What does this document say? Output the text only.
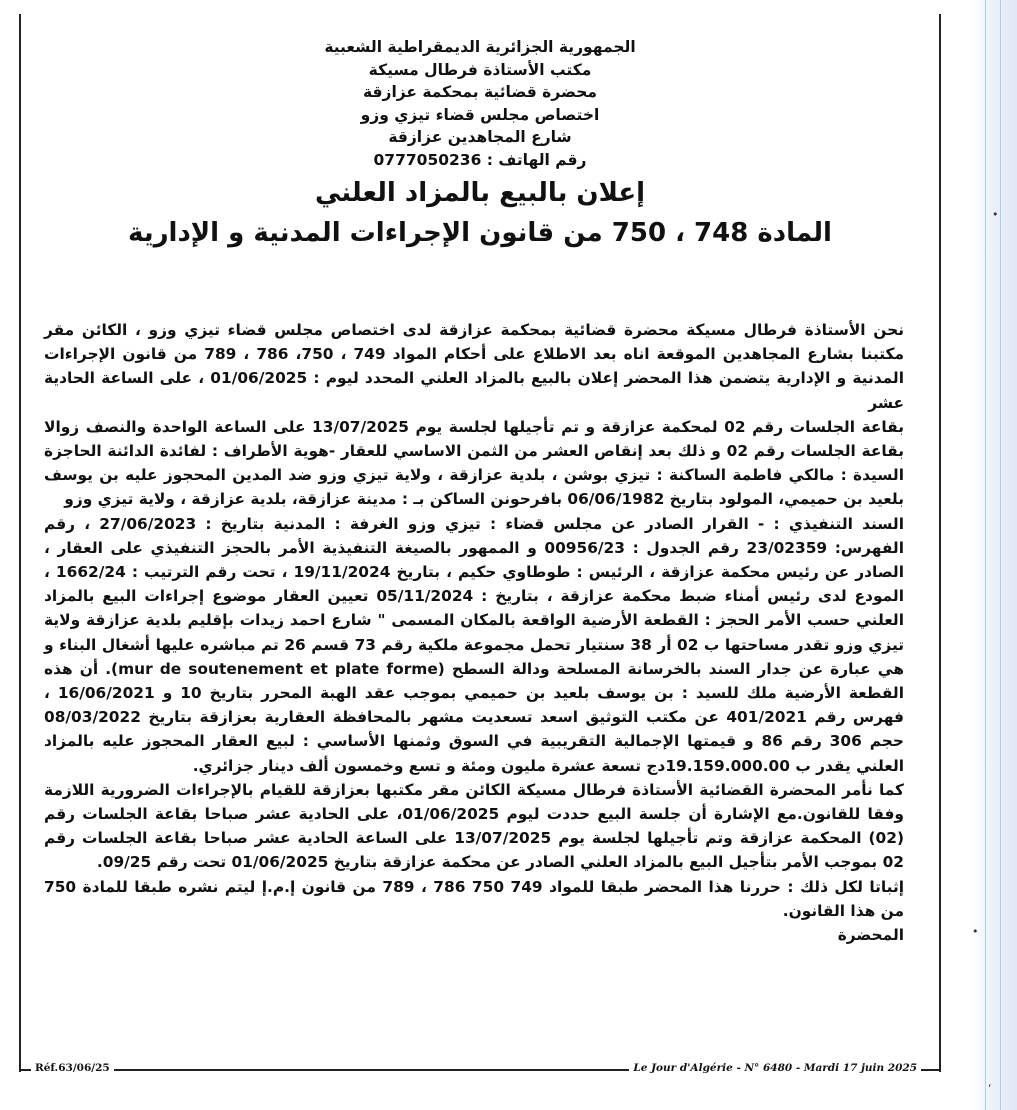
الجمهورية الجزائرية الديمقراطية الشعبية
مكتب الأستاذة فرطال مسيكة
محضرة قضائية بمحكمة عزازقة
اختصاص مجلس قضاء تيزي وزو
شارع المجاهدين عزازقة
رقم الهاتف : 0777050236
إعلان بالبيع بالمزاد العلني
المادة 748 ، 750 من قانون الإجراءات المدنية و الإدارية

نحن الأستاذة فرطال مسيكة محضرة قضائية بمحكمة عزازقة لدى اختصاص مجلس قضاء تيزي وزو ، الكائن مقر مكتبنا بشارع المجاهدين الموقعة اناه بعد الاطلاع على أحكام المواد 749 ، 750، 786 ، 789 من قانون الإجراءات المدنية و الإدارية يتضمن هذا المحضر إعلان بالبيع بالمزاد العلني المحدد ليوم : 01/06/2025 ، على الساعة الحادية عشر

بقاعة الجلسات رقم 02 لمحكمة عزازقة و تم تأجيلها لجلسة يوم 13/07/2025 على الساعة الواحدة والنصف زوالا بقاعة الجلسات رقم 02 و ذلك بعد إنقاص العشر من الثمن الاساسي للعقار -هوية الأطراف : لفائدة الدائنة الحاجزة السيدة : مالكي فاطمة الساكنة : تيزي بوشن ، بلدية عزازقة ، ولاية تيزي وزو ضد المدين المحجوز عليه بن يوسف بلعيد بن حميمي، المولود بتاريخ 06/06/1982 بافرحونن الساكن بـ : مدينة عزازقة، بلدية عزازقة ، ولاية تيزي وزو

السند التنفيذي : - القرار الصادر عن مجلس قضاء : تيزي وزو الغرفة : المدنية بتاريخ : 27/06/2023 ، رقم الفهرس: 23/02359 رقم الجدول : 00956/23 و الممهور بالصيغة التنفيذية الأمر بالحجز التنفيذي على العقار ، الصادر عن رئيس محكمة عزازقة ، الرئيس : طوطاوي حكيم ، بتاريخ 19/11/2024 ، تحت رقم الترتيب : 1662/24 ، المودع لدى رئيس أمناء ضبط محكمة عزازقة ، بتاريخ : 05/11/2024 تعيين العقار موضوع إجراءات البيع بالمزاد العلني حسب الأمر الحجز : القطعة الأرضية الواقعة بالمكان المسمى " شارع احمد زيدات بإقليم بلدية عزازقة ولاية تيزي وزو تقدر مساحتها ب 02 أر 38 سنتيار تحمل مجموعة ملكية رقم 73 قسم 26 تم مباشره عليها أشغال البناء و هي عبارة عن جدار السند بالخرسانة المسلحة ودالة السطح (mur de soutenement et plate forme). أن هذه القطعة الأرضية ملك للسيد : بن يوسف بلعيد بن حميمي بموجب عقد الهبة المحرر بتاريخ 10 و 16/06/2021 ، فهرس رقم 401/2021 عن مكتب التوثيق اسعد تسعديت مشهر بالمحافظة العقارية بعزازقة بتاريخ 08/03/2022 حجم 306 رقم 86 و قيمتها الإجمالية التقريبية في السوق وثمنها الأساسي : لبيع العقار المحجوز عليه بالمزاد العلني يقدر ب 19.159.000.00دج تسعة عشرة مليون ومئة و تسع وخمسون ألف دينار جزائري.

كما نأمر المحضرة القضائية الأستاذة فرطال مسيكة الكائن مقر مكتبها بعزازقة للقيام بالإجراءات الضرورية اللازمة وفقا للقانون.مع الإشارة أن جلسة البيع حددت ليوم 01/06/2025، على الحادية عشر صباحا بقاعة الجلسات رقم (02) المحكمة عزازقة وتم تأجيلها لجلسة يوم 13/07/2025 على الساعة الحادية عشر صباحا بقاعة الجلسات رقم 02 بموجب الأمر بتأجيل البيع بالمزاد العلني الصادر عن محكمة عزازقة بتاريخ 01/06/2025 تحت رقم 09/25.

إثباتا لكل ذلك : حررنا هذا المحضر طبقا للمواد 749 750 786 ، 789 من قانون إ.م.إ ليتم نشره طبقا للمادة 750 من هذا القانون.

المحضرة

Réf.63/06/25	Le Jour d'Algérie - N° 6480 - Mardi 17 juin 2025
•
•
,
